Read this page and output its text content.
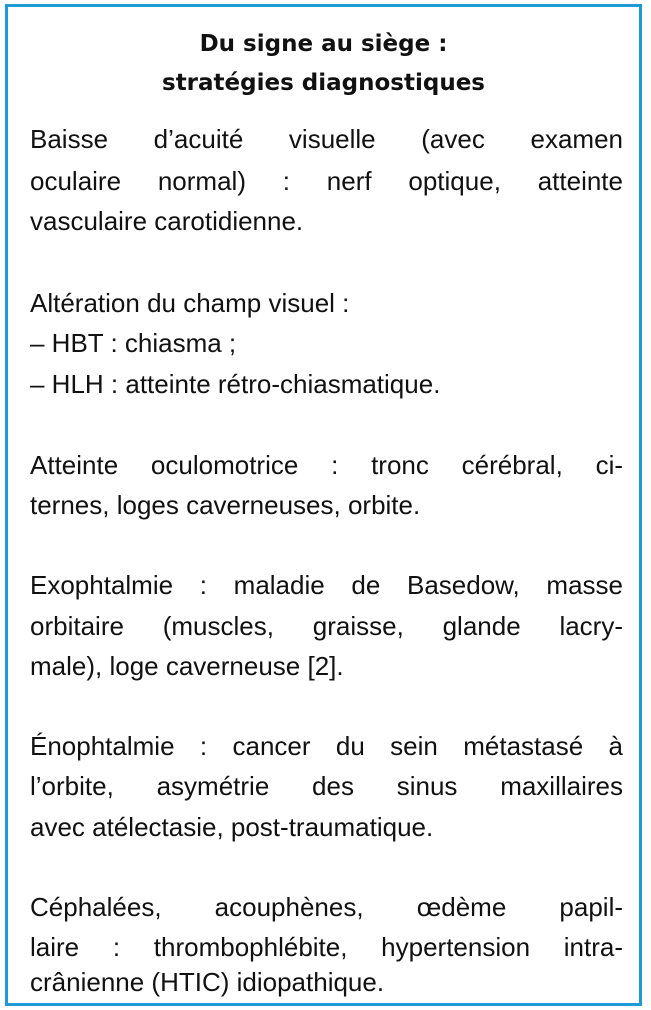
Du signe au siège :
stratégies diagnostiques
Baisse d’acuité visuelle (avec examen
oculaire normal) : nerf optique, atteinte
vasculaire carotidienne.
Altération du champ visuel :
– HBT : chiasma ;
– HLH : atteinte rétro-chiasmatique.
Atteinte oculomotrice : tronc cérébral, ci-
ternes, loges caverneuses, orbite.
Exophtalmie : maladie de Basedow, masse
orbitaire (muscles, graisse, glande lacry-
male), loge caverneuse [2].
Énophtalmie : cancer du sein métastasé à
l’orbite, asymétrie des sinus maxillaires
avec atélectasie, post-traumatique.
Céphalées, acouphènes, œdème papil-
laire : thrombophlébite, hypertension intra-
crânienne (HTIC) idiopathique.
